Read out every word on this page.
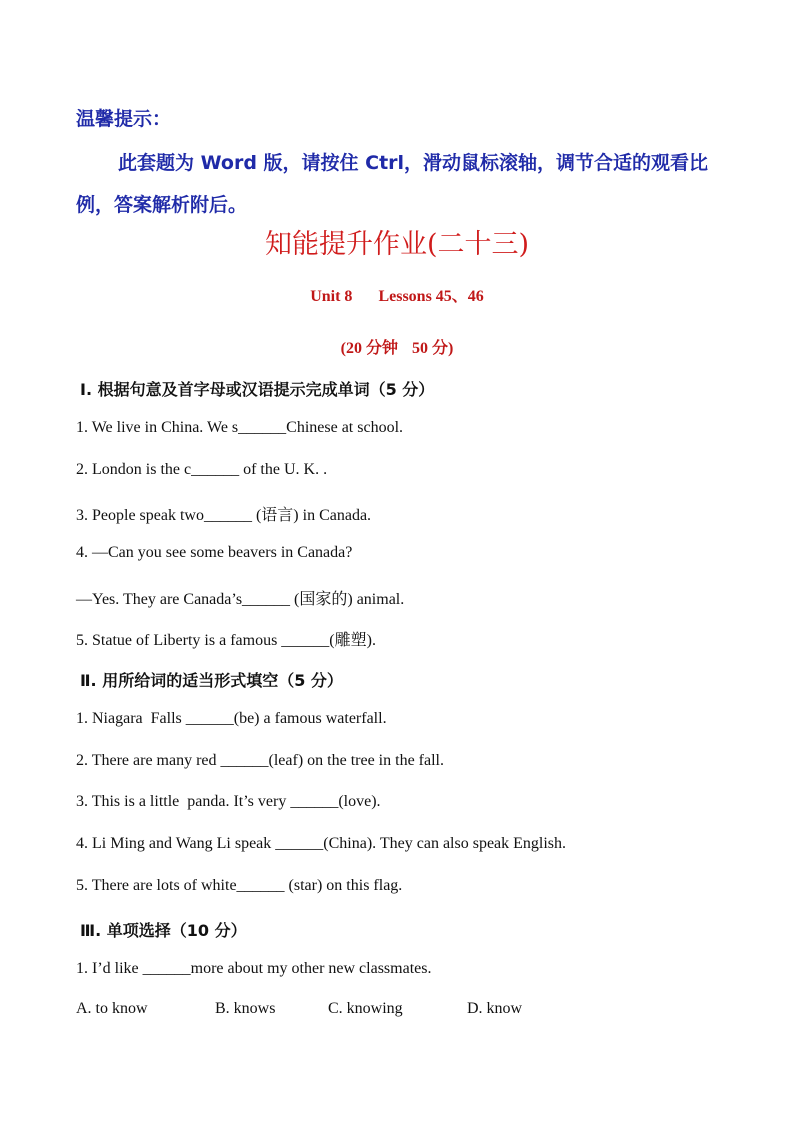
温馨提示：
此套题为 Word 版，请按住 Ctrl，滑动鼠标滚轴，调节合适的观看比例，答案解析附后。
知能提升作业(二十三)
Unit 8 Lessons 45、46
(20 分钟 50 分)
Ⅰ. 根据句意及首字母或汉语提示完成单词（5 分）
1. We live in China. We s______Chinese at school.
2. London is the c______ of the U. K. .
3. People speak two______ (语言) in Canada.
4. —Can you see some beavers in Canada?
—Yes. They are Canada’s______ (国家的) animal.
5. Statue of Liberty is a famous ______(雕塑).
Ⅱ. 用所给词的适当形式填空（5 分）
1. Niagara  Falls ______(be) a famous waterfall.
2. There are many red ______(leaf) on the tree in the fall.
3. This is a little  panda. It’s very ______(love).
4. Li Ming and Wang Li speak ______(China). They can also speak English.
5. There are lots of white______ (star) on this flag.
Ⅲ. 单项选择（10 分）
1. I’d like ______more about my other new classmates.
A. to know	B. knows	C. knowing	D. know
